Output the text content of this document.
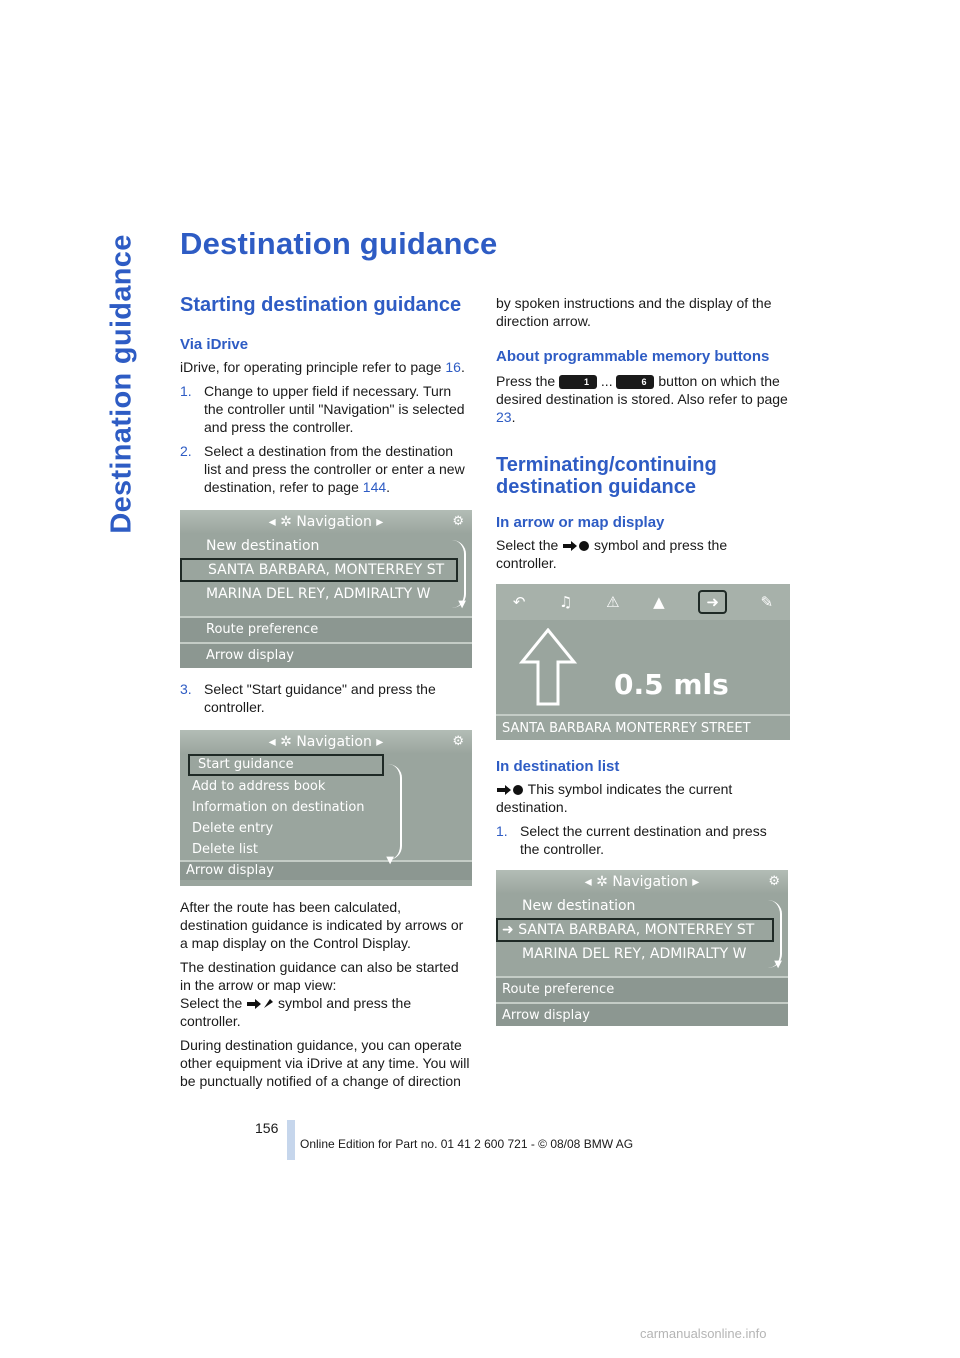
Destination guidance Destination guidance
Starting destination guidance
Via iDrive

iDrive, for operating principle refer to page 16.

1. Change to upper field if necessary. Turn the controller until "Navigation" is selected and press the controller.
2. Select a destination from the destination list and press the controller or enter a new destination, refer to page 144.
◂ ✲ Navigation ▸	⚙
New destination
SANTA BARBARA, MONTERREY ST
MARINA DEL REY, ADMIRALTY W
▼
Route preference
Arrow display
3. Select "Start guidance" and press the controller.
◂ ✲ Navigation ▸	⚙
Start guidance
Add to address book
Information on destination
Delete entry
Delete list
▼
Arrow display

After the route has been calculated, destination guidance is indicated by arrows or a map display on the Control Display.

The destination guidance can also be started in the arrow or map view:
Select the	symbol and press the controller.

During destination guidance, you can operate other equipment via iDrive at any time. You will be punctually notified of a change of direction

by spoken instructions and the display of the direction arrow.

About programmable memory buttons

Press the	1 ...	6 button on which the desired destination is stored. Also refer to page 23.

Terminating/continuing destination guidance
In arrow or map display

Select the	symbol and press the controller.

↶ ♫ ⚠ ▲	➜	✎
0.5 mls
SANTA BARBARA MONTERREY STREET
In destination list

This symbol indicates the current destination.

1. Select the current destination and press the controller.
◂ ✲ Navigation ▸	⚙
New destination
➜ SANTA BARBARA, MONTERREY ST
MARINA DEL REY, ADMIRALTY W
▼
Route preference
Arrow display
156
Online Edition for Part no. 01 41 2 600 721 - © 08/08 BMW AG
carmanualsonline.info
